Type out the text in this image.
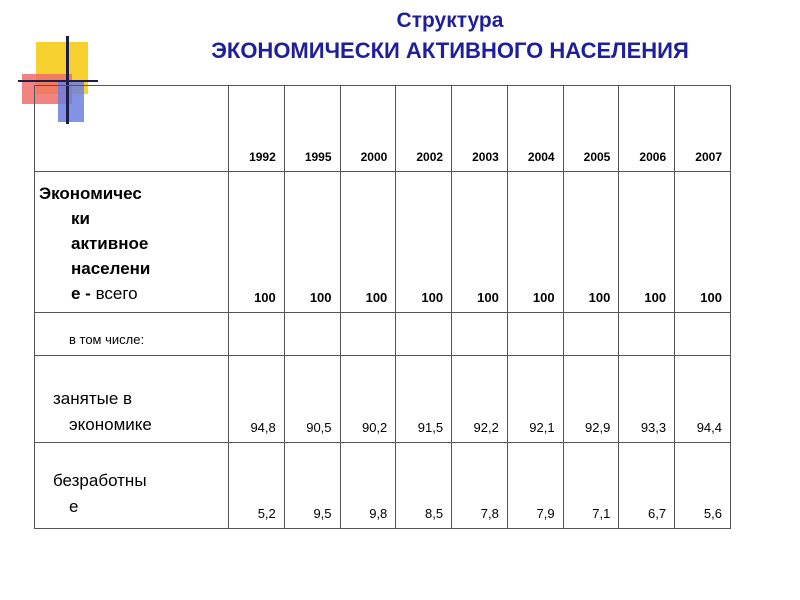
Структура
ЭКОНОМИЧЕСКИ АКТИВНОГО НАСЕЛЕНИЯ
	1992	1995	2000	2002	2003	2004	2005	2006	2007

Экономичес
ки
активное
населени
е - всего	100	100	100	100	100	100	100	100	100
в том числе:									
занятые в
экономике	94,8	90,5	90,2	91,5	92,2	92,1	92,9	93,3	94,4
безработны
е	5,2	9,5	9,8	8,5	7,8	7,9	7,1	6,7	5,6
